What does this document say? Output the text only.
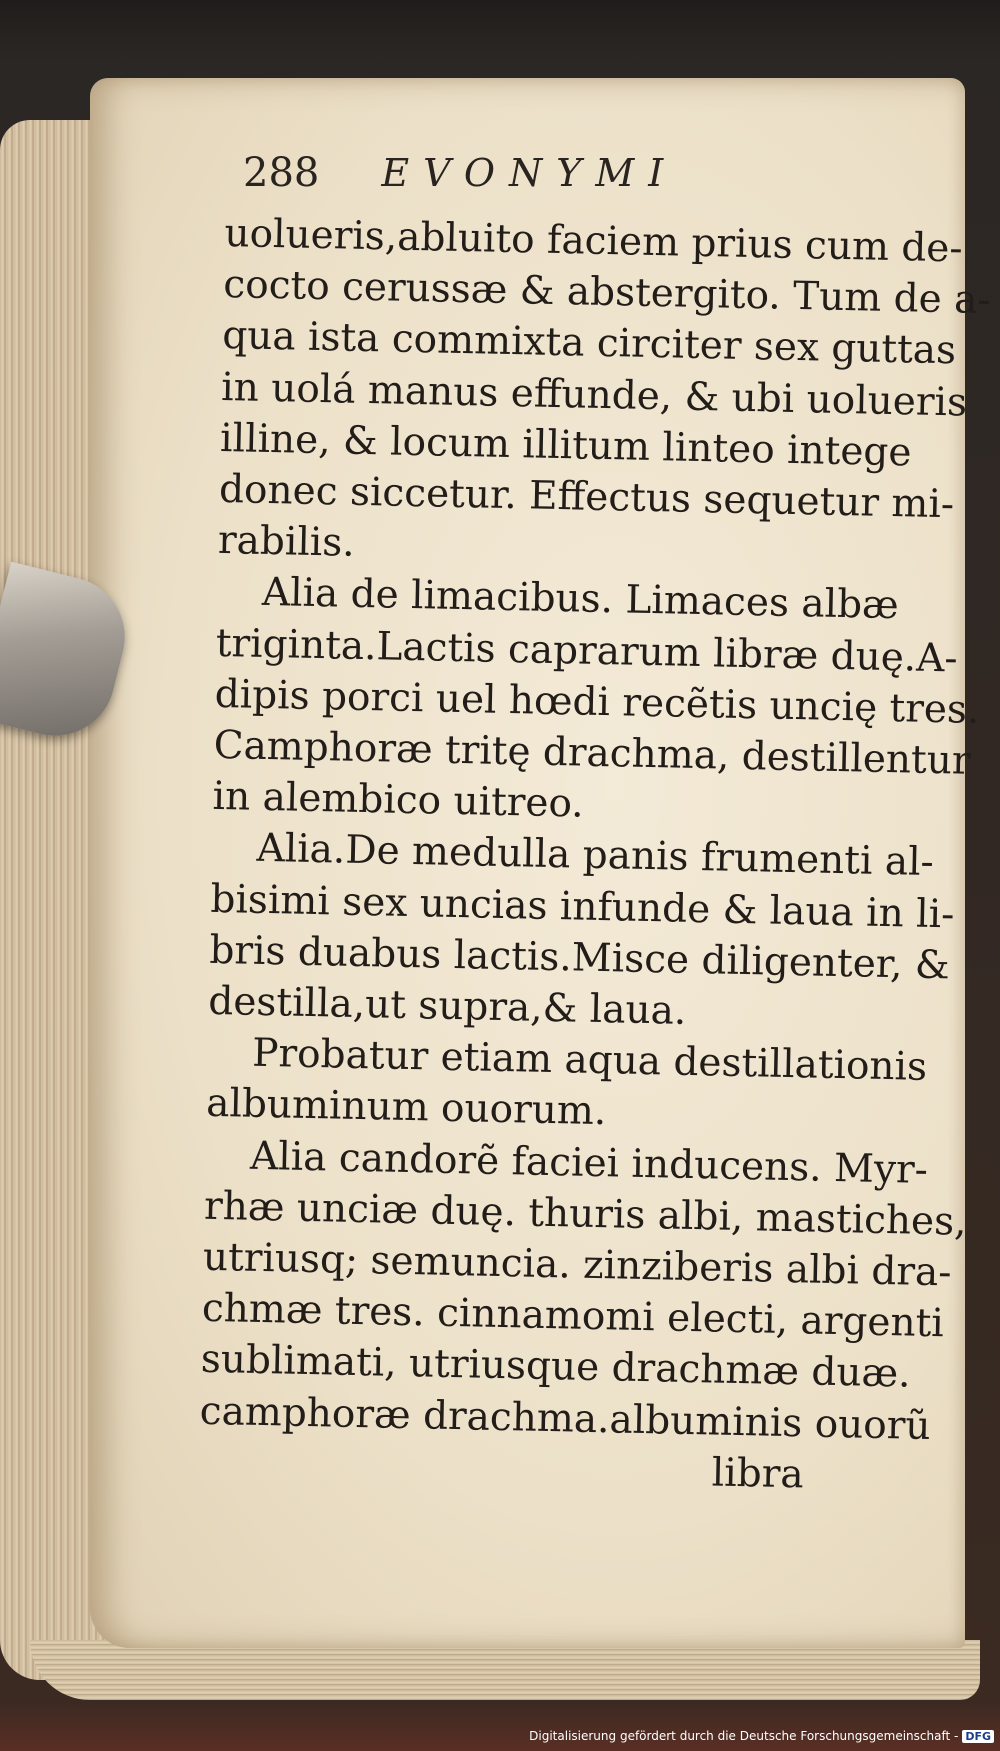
288 EVONYMI
uolueris,abluito faciem prius cum de-
cocto cerussæ & abstergito. Tum de a-
qua ista commixta circiter sex guttas
in uolá manus effunde, & ubi uolueris
illine, & locum illitum linteo intege
donec siccetur. Effectus sequetur mi-
rabilis.
Alia de limacibus. Limaces albæ
triginta.Lactis caprarum libræ duę.A-
dipis porci uel hœdi recẽtis uncię tres.
Camphoræ tritę drachma, destillentur
in alembico uitreo.
Alia.De medulla panis frumenti al-
bisimi sex uncias infunde & laua in li-
bris duabus lactis.Misce diligenter, &
destilla,ut supra,& laua.
Probatur etiam aqua destillationis
albuminum ouorum.
Alia candorẽ faciei inducens. Myr-
rhæ unciæ duę. thuris albi, mastiches,
utriusq; semuncia. zinziberis albi dra-
chmæ tres. cinnamomi electi, argenti
sublimati, utriusque drachmæ duæ.
camphoræ drachma.albuminis ouorũ
libra
Digitalisierung gefördert durch die Deutsche Forschungsgemeinschaft - DFG
